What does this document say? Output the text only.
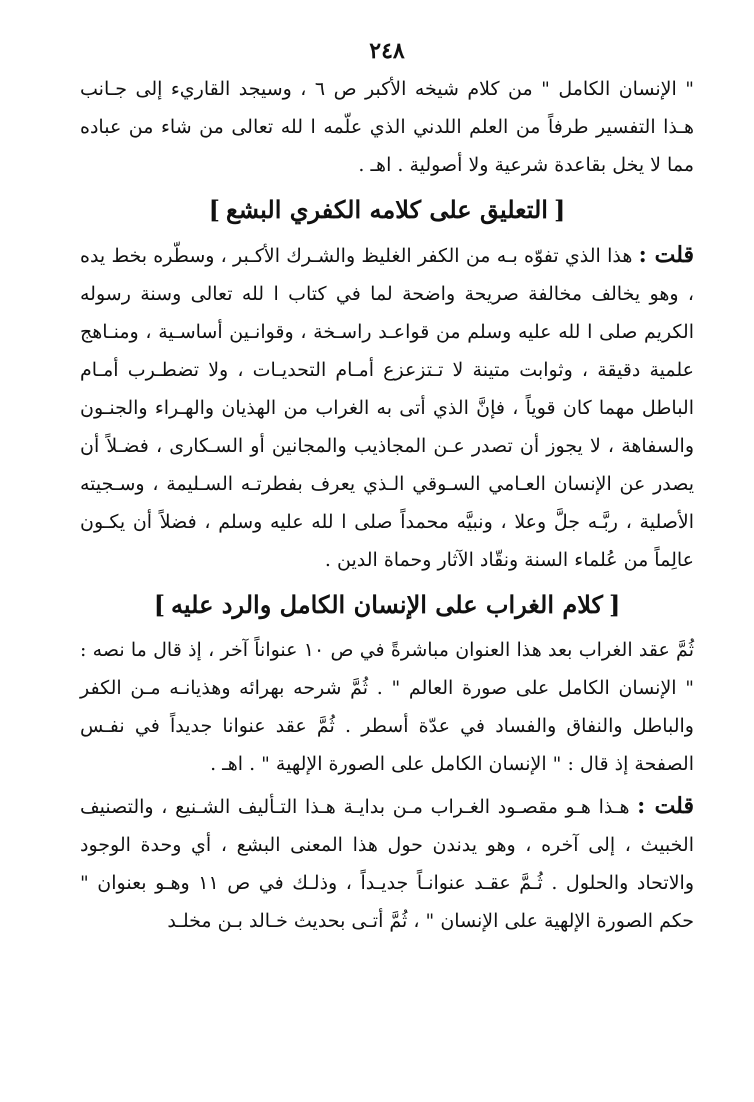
٢٤٨

" الإنسان الكامل " من كلام شيخه الأكبر ص ٦ ، وسيجد القاريء إلى جـانب هـذا التفسير طرفاً من العلم اللدني الذي علّمه ا لله تعالى من شاء من عباده مما لا يخل بقاعدة شرعية ولا أصولية . اهـ .

[التعليق على كلامه الكفري البشع]

قلت : هذا الذي تفوّه بـه من الكفر الغليظ والشـرك الأكـبر ، وسطّره بخط يده ، وهو يخالف مخالفة صريحة واضحة لما في كتاب ا لله تعالى وسنة رسوله الكريم صلى ا لله عليه وسلم من قواعـد راسـخة ، وقوانـين أساسـية ، ومنـاهج علمية دقيقة ، وثوابت متينة لا تـتزعزع أمـام التحديـات ، ولا تضطـرب أمـام الباطل مهما كان قوياً ، فإنَّ الذي أتى به الغراب من الهذيان والهـراء والجنـون والسفاهة ، لا يجوز أن تصدر عـن المجاذيب والمجانين أو السـكارى ، فضـلاً أن يصدر عن الإنسان العـامي السـوقي الـذي يعرف بفطرتـه السـليمة ، وسـجيته الأصلية ، ربَّـه جلَّ وعلا ، ونبيَّه محمداً صلى ا لله عليه وسلم ، فضلاً أن يكـون عالِماً من عُلماء السنة ونقّاد الآثار وحماة الدين .

[كلام الغراب على الإنسان الكامل والرد عليه]

ثُمَّ عقد الغراب بعد هذا العنوان مباشرةً في ص ١٠ عنواناً آخر ، إذ قال ما نصه : " الإنسان الكامل على صورة العالم " . ثُمَّ شرحه بهرائه وهذيانـه مـن الكفر والباطل والنفاق والفساد في عدّة أسطر . ثُمَّ عقد عنوانا جديداً في نفـس الصفحة إذ قال : " الإنسان الكامل على الصورة الإلهية " . اهـ .

قلت : هـذا هـو مقصـود الغـراب مـن بدايـة هـذا التـأليف الشـنيع ، والتصنيف الخبيث ، إلى آخره ، وهو يدندن حول هذا المعنى البشع ، أي وحدة الوجود والاتحاد والحلول . ثُـمَّ عقـد عنوانـاً جديـداً ، وذلـك في ص ١١ وهـو بعنوان " حكم الصورة الإلهية على الإنسان " ، ثُمَّ أتـى بحديث خـالد بـن مخلـد
